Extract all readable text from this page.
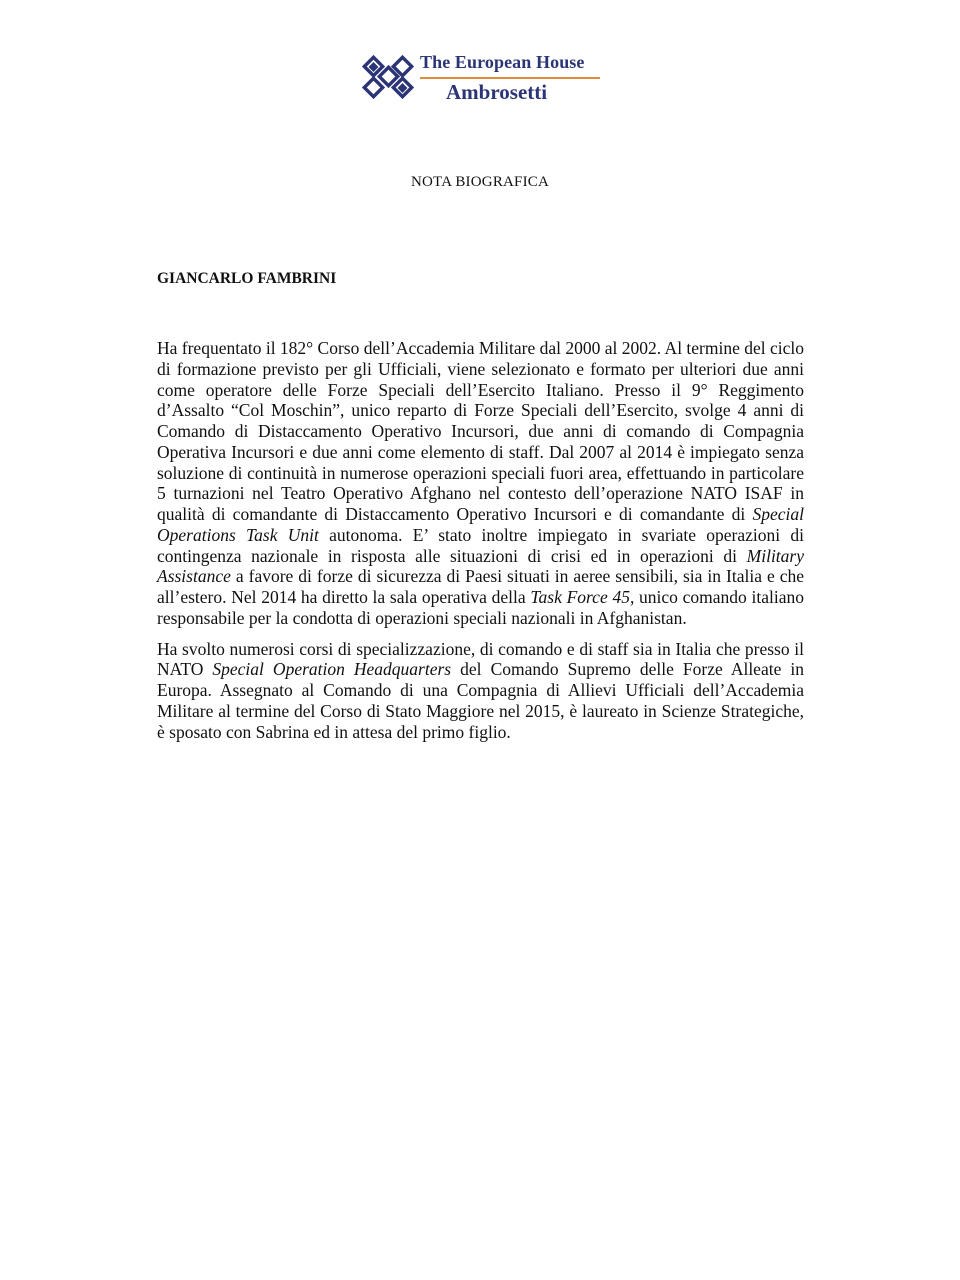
The European House
Ambrosetti
NOTA BIOGRAFICA
GIANCARLO FAMBRINI

Ha frequentato il 182° Corso dell’Accademia Militare dal 2000 al 2002. Al termine del ciclo di formazione previsto per gli Ufficiali, viene selezionato e formato per ulteriori due anni come operatore delle Forze Speciali dell’Esercito Italiano. Presso il 9° Reggimento d’Assalto “Col Moschin”, unico reparto di Forze Speciali dell’Esercito, svolge 4 anni di Comando di Distaccamento Operativo Incursori, due anni di comando di Compagnia Operativa Incursori e due anni come elemento di staff. Dal 2007 al 2014 è impiegato senza soluzione di continuità in numerose operazioni speciali fuori area, effettuando in particolare 5 turnazioni nel Teatro Operativo Afghano nel contesto dell’operazione NATO ISAF in qualità di comandante di Distaccamento Operativo Incursori e di comandante di Special Operations Task Unit autonoma. E’ stato inoltre impiegato in svariate operazioni di contingenza nazionale in risposta alle situazioni di crisi ed in operazioni di Military Assistance a favore di forze di sicurezza di Paesi situati in aeree sensibili, sia in Italia e che all’estero. Nel 2014 ha diretto la sala operativa della Task Force 45, unico comando italiano responsabile per la condotta di operazioni speciali nazionali in Afghanistan.

Ha svolto numerosi corsi di specializzazione, di comando e di staff sia in Italia che presso il NATO Special Operation Headquarters del Comando Supremo delle Forze Alleate in Europa. Assegnato al Comando di una Compagnia di Allievi Ufficiali dell’Accademia Militare al termine del Corso di Stato Maggiore nel 2015, è laureato in Scienze Strategiche, è sposato con Sabrina ed in attesa del primo figlio.
